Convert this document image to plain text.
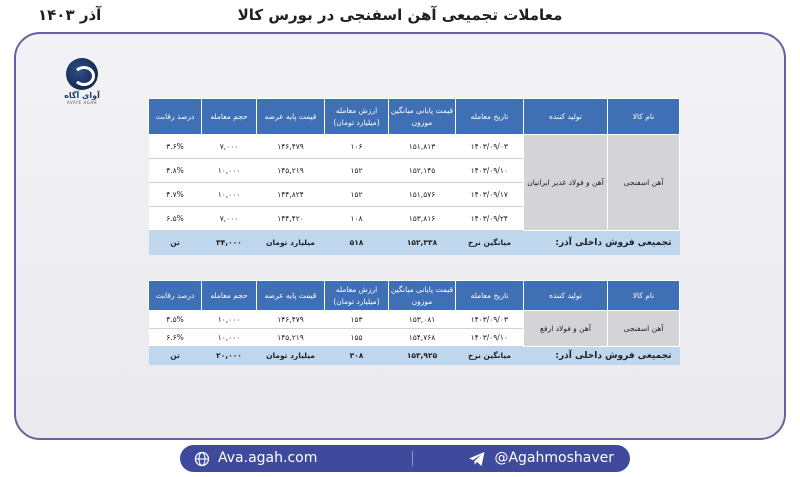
آذر ۱۴۰۳	معاملات تجمیعی آهن اسفنجی در بورس کالا
آوای آگاه
AVAYE AGAH
نام کالا	تولید کننده	تاریخ معامله	قیمت پایانی میانگین موزون	ارزش معامله (میلیارد تومان)	قیمت پایه عرضه	حجم معامله	درصد رقابت
آهن اسفنجی	آهن و فولاد غدیر ایرانیان	۱۴۰۳/۰۹/۰۳	۱۵۱,۸۱۳	۱۰۶	۱۴۶,۴۷۹	۷,۰۰۰	۳.۶%
		۱۴۰۳/۰۹/۱۰	۱۵۲,۱۴۵	۱۵۲	۱۴۵,۲۱۹	۱۰,۰۰۰	۴.۸%
		۱۴۰۳/۰۹/۱۷	۱۵۱,۵۷۶	۱۵۲	۱۴۴,۸۲۴	۱۰,۰۰۰	۴.۷%
		۱۴۰۳/۰۹/۲۴	۱۵۳,۸۱۶	۱۰۸	۱۴۴,۴۲۰	۷,۰۰۰	۶.۵%
تجمیعی فروش داخلی آذر:		میانگین نرخ	۱۵۲,۳۳۸	۵۱۸	میلیارد تومان	۳۴,۰۰۰	تن
نام کالا	تولید کننده	تاریخ معامله	قیمت پایانی میانگین موزون	ارزش معامله (میلیارد تومان)	قیمت پایه عرضه	حجم معامله	درصد رقابت
آهن اسفنجی	آهن و فولاد ارفع	۱۴۰۳/۰۹/۰۳	۱۵۳,۰۸۱	۱۵۳	۱۴۶,۴۷۹	۱۰,۰۰۰	۴.۵%
		۱۴۰۳/۰۹/۱۰	۱۵۴,۷۶۸	۱۵۵	۱۴۵,۲۱۹	۱۰,۰۰۰	۶.۶%
تجمیعی فروش داخلی آذر:		میانگین نرخ	۱۵۳,۹۲۵	۳۰۸	میلیارد تومان	۲۰,۰۰۰	تن
Ava.agah.com	@Agahmoshaver
